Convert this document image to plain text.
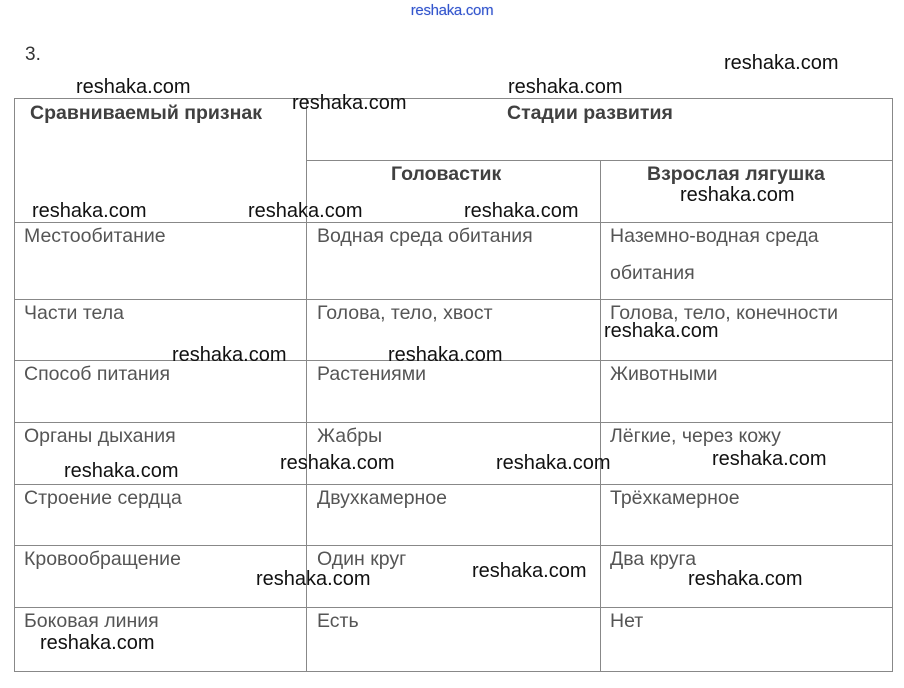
reshaka.com
3.
Сравниваемый признак	Стадии развития
Головастик	Взрослая лягушка
Местообитание	Водная среда обитания	Наземно-водная среда
обитания
Части тела	Голова, тело, хвост	Голова, тело, конечности
Способ питания	Растениями	Животными
Органы дыхания	Жабры	Лёгкие, через кожу
Строение сердца	Двухкамерное	Трёхкамерное
Кровообращение	Один круг	Два круга
Боковая линия	Есть	Нет
reshaka.com
reshaka.com	reshaka.com
reshaka.com
reshaka.com
reshaka.com	reshaka.com	reshaka.com
reshaka.com
reshaka.com	reshaka.com
reshaka.com
reshaka.com	reshaka.com
reshaka.com
reshaka.com
reshaka.com	reshaka.com
reshaka.com
